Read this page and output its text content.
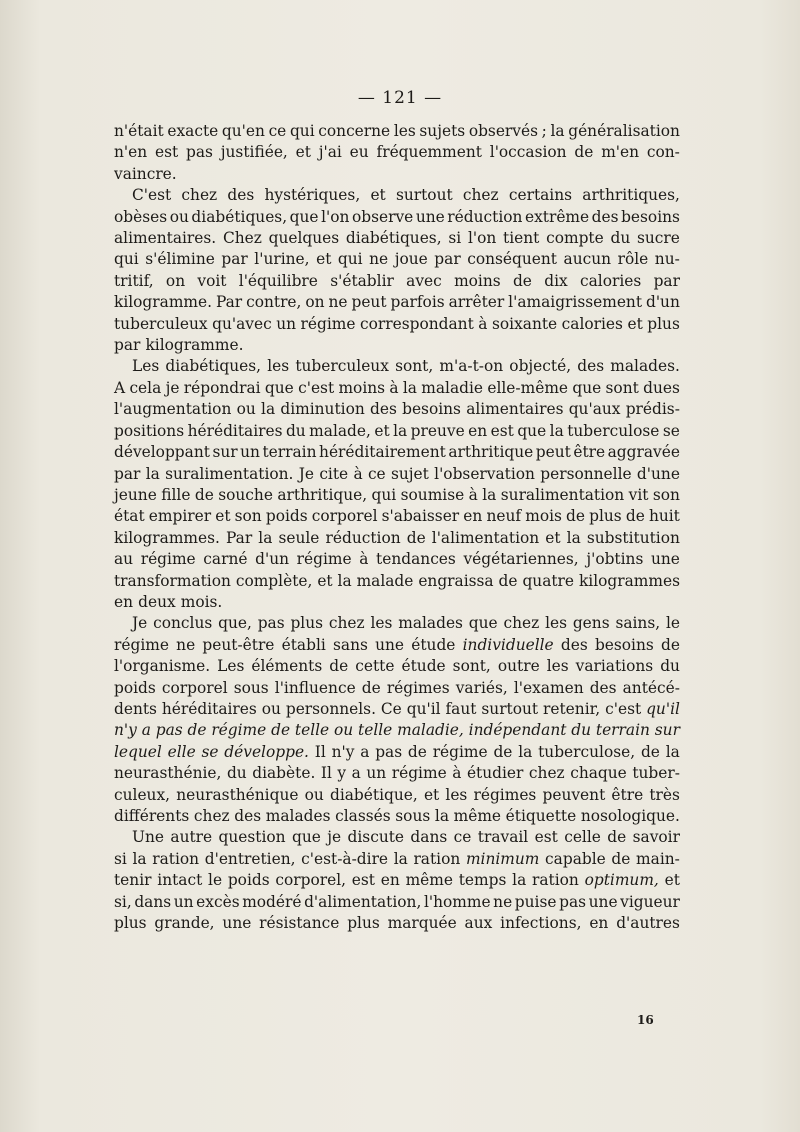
— 121 —
n'était exacte qu'en ce qui concerne les sujets observés ; la généralisation
n'en est pas justifiée, et j'ai eu fréquemment l'occasion de m'en con-
vaincre.
C'est chez des hystériques, et surtout chez certains arthritiques,
obèses ou diabétiques, que l'on observe une réduction extrême des besoins
alimentaires. Chez quelques diabétiques, si l'on tient compte du sucre
qui s'élimine par l'urine, et qui ne joue par conséquent aucun rôle nu-
tritif, on voit l'équilibre s'établir avec moins de dix calories par
kilogramme. Par contre, on ne peut parfois arrêter l'amaigrissement d'un
tuberculeux qu'avec un régime correspondant à soixante calories et plus
par kilogramme.
Les diabétiques, les tuberculeux sont, m'a-t-on objecté, des malades.
A cela je répondrai que c'est moins à la maladie elle-même que sont dues
l'augmentation ou la diminution des besoins alimentaires qu'aux prédis-
positions héréditaires du malade, et la preuve en est que la tuberculose se
développant sur un terrain héréditairement arthritique peut être aggravée
par la suralimentation. Je cite à ce sujet l'observation personnelle d'une
jeune fille de souche arthritique, qui soumise à la suralimentation vit son
état empirer et son poids corporel s'abaisser en neuf mois de plus de huit
kilogrammes. Par la seule réduction de l'alimentation et la substitution
au régime carné d'un régime à tendances végétariennes, j'obtins une
transformation complète, et la malade engraissa de quatre kilogrammes
en deux mois.
Je conclus que, pas plus chez les malades que chez les gens sains, le
régime ne peut-être établi sans une étude individuelle des besoins de
l'organisme. Les éléments de cette étude sont, outre les variations du
poids corporel sous l'influence de régimes variés, l'examen des antécé-
dents héréditaires ou personnels. Ce qu'il faut surtout retenir, c'est qu'il
n'y a pas de régime de telle ou telle maladie, indépendant du terrain sur
lequel elle se développe. Il n'y a pas de régime de la tuberculose, de la
neurasthénie, du diabète. Il y a un régime à étudier chez chaque tuber-
culeux, neurasthénique ou diabétique, et les régimes peuvent être très
différents chez des malades classés sous la même étiquette nosologique.
Une autre question que je discute dans ce travail est celle de savoir
si la ration d'entretien, c'est-à-dire la ration minimum capable de main-
tenir intact le poids corporel, est en même temps la ration optimum, et
si, dans un excès modéré d'alimentation, l'homme ne puise pas une vigueur
plus grande, une résistance plus marquée aux infections, en d'autres
16
